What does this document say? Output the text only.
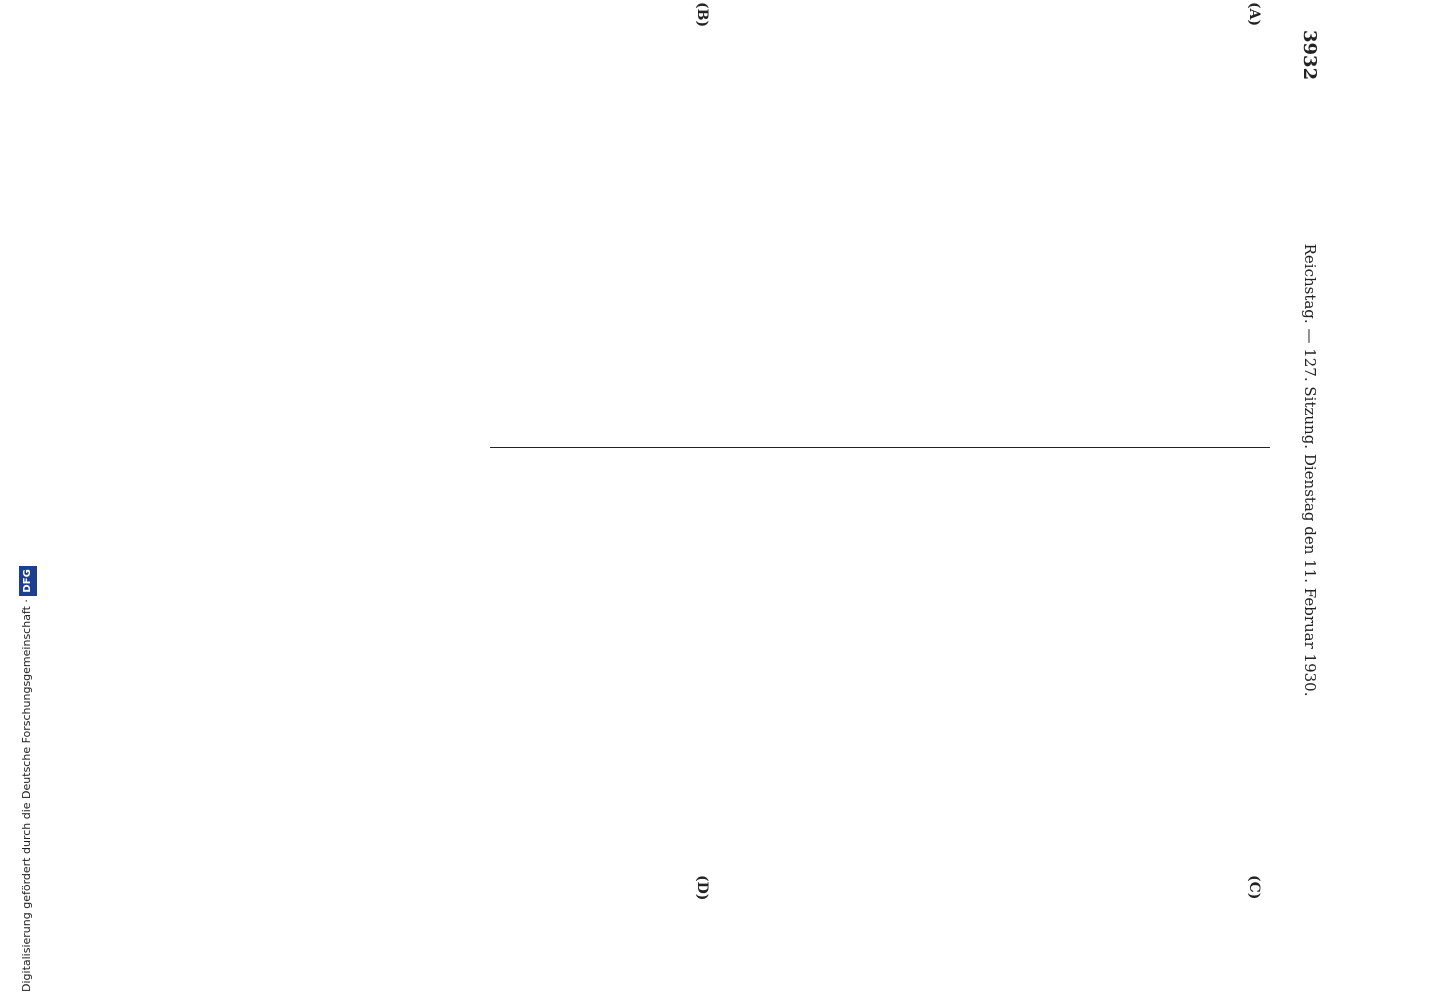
Digitalisierung gefördert durch die Deutsche Forschungsgemeinschaft · DFG
3932
Reichstag. — 127. Sitzung. Dienstag den 11. Februar 1930.
(A)
(B)
(C)
(D)
